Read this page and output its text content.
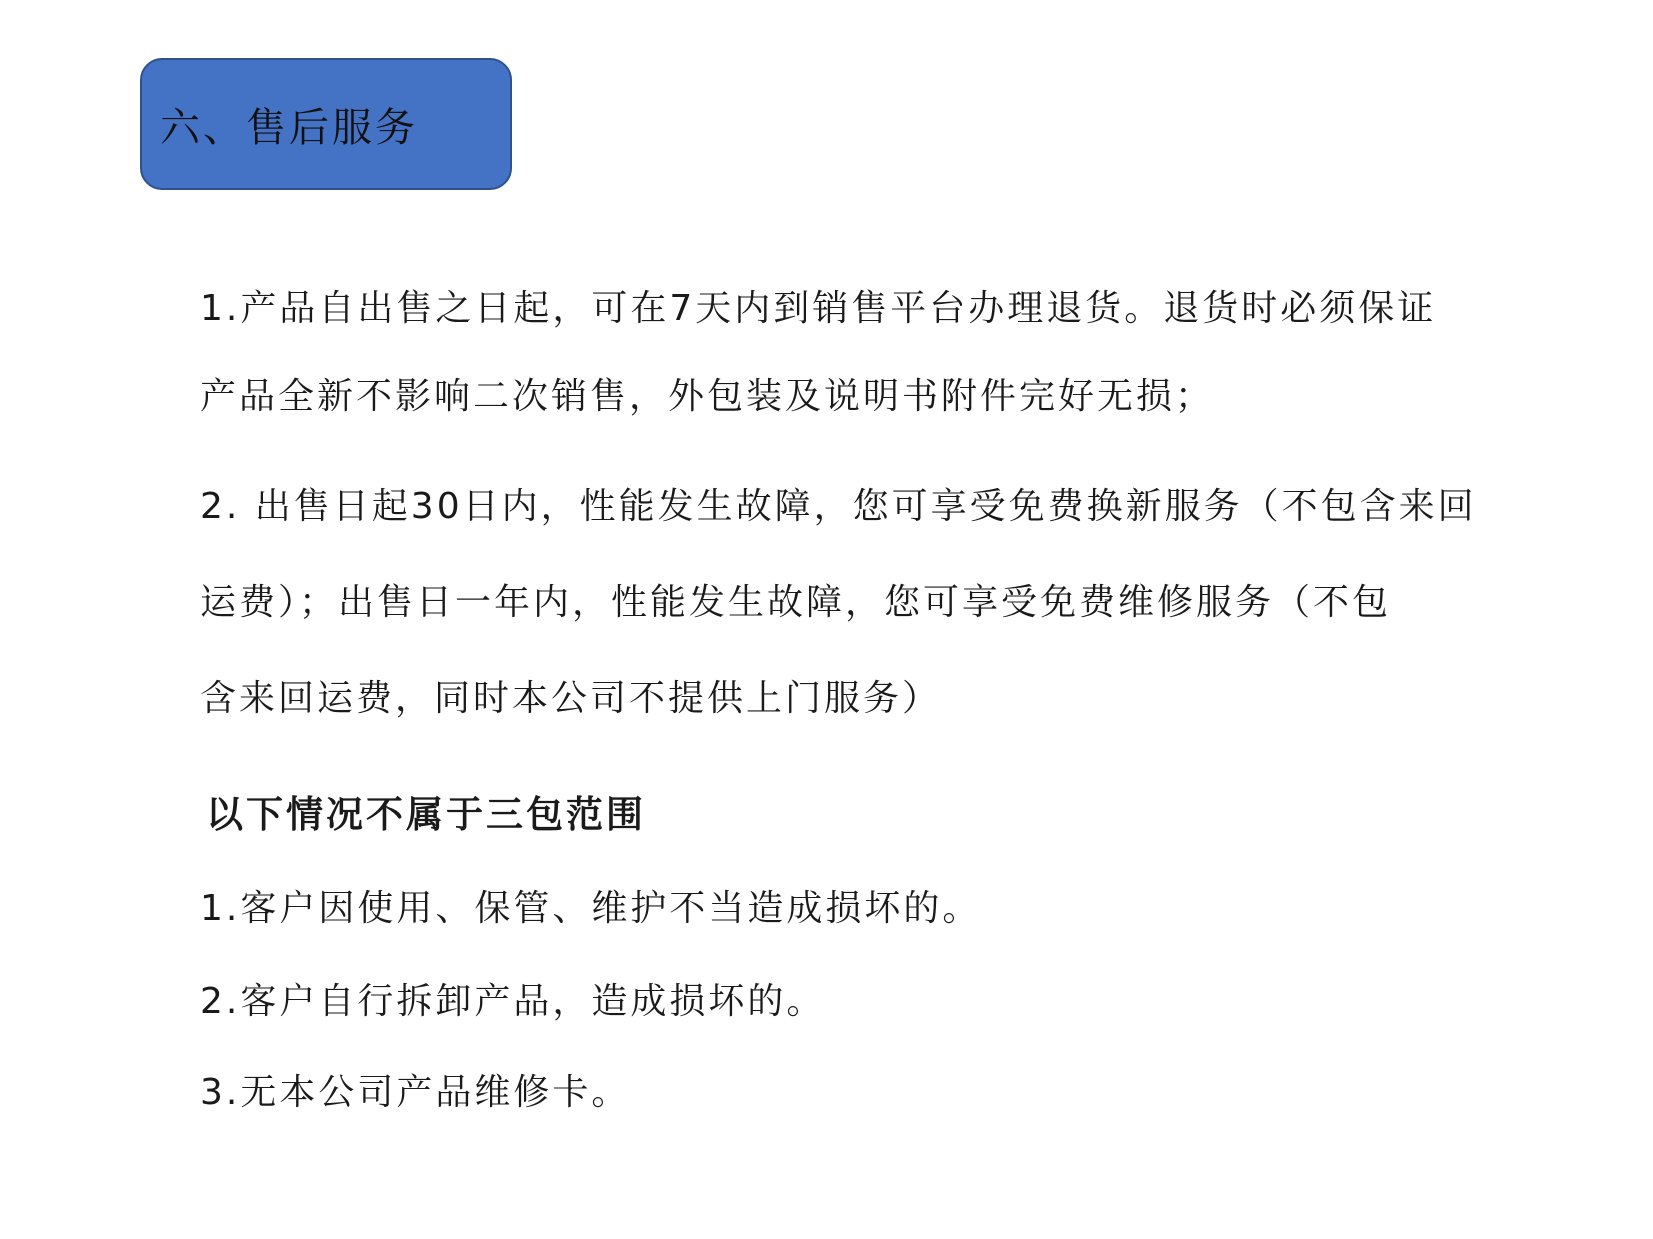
六、售后服务
1.产品自出售之日起，可在7天内到销售平台办理退货。退货时必须保证
产品全新不影响二次销售，外包装及说明书附件完好无损；
2. 出售日起30日内，性能发生故障，您可享受免费换新服务（不包含来回
运费）；出售日一年内，性能发生故障，您可享受免费维修服务（不包
含来回运费，同时本公司不提供上门服务）
以下情况不属于三包范围
1.客户因使用、保管、维护不当造成损坏的。
2.客户自行拆卸产品，造成损坏的。
3.无本公司产品维修卡。
